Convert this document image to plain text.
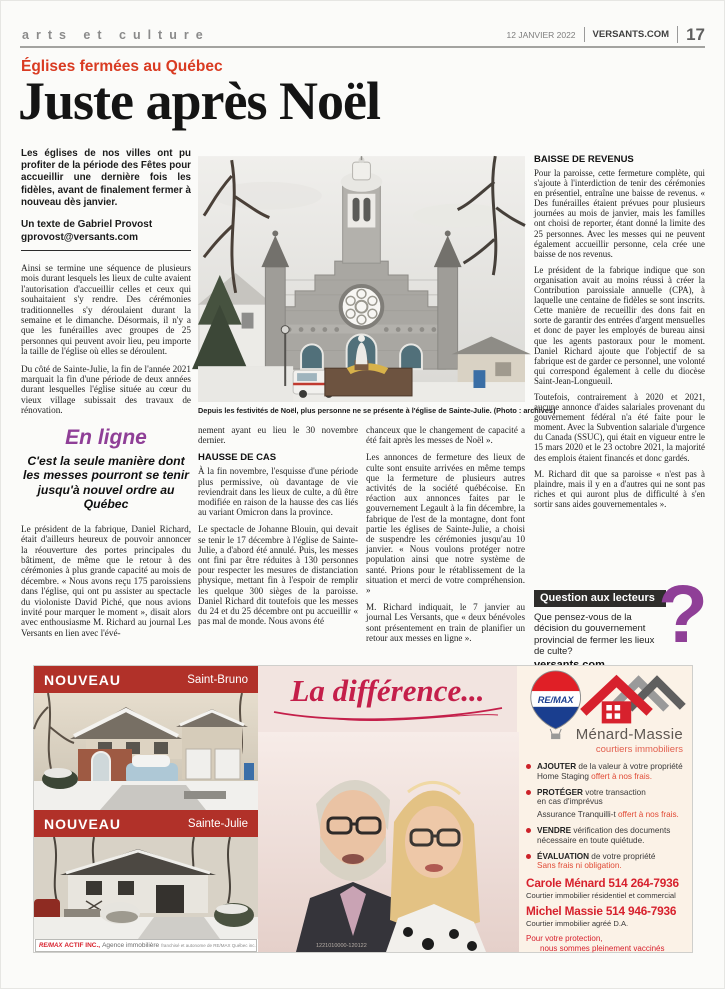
arts et culture	12 JANVIER 2022	VERSANTS.COM	17
Églises fermées au Québec
Juste après Noël

Les églises de nos villes ont pu profiter de la période des Fêtes pour accueillir une dernière fois les fidèles, avant de finalement fermer à nouveau dès janvier.

Un texte de Gabriel Provost
gprovost@versants.com

Ainsi se termine une séquence de plusieurs mois durant lesquels les lieux de culte avaient l'autorisation d'accueillir celles et ceux qui souhaitaient s'y rendre. Des cérémonies traditionnelles s'y déroulaient durant la semaine et le dimanche. Désormais, il n'y a que les funérailles avec groupes de 25 personnes qui peuvent avoir lieu, peu importe la taille de l'église où elles se déroulent.

Du côté de Sainte-Julie, la fin de l'année 2021 marquait la fin d'une période de deux années durant lesquelles l'église située au cœur du vieux village subissait des travaux de rénovation.

En ligne
C'est la seule manière dont les messes pourront se tenir jusqu'à nouvel ordre au Québec

Le président de la fabrique, Daniel Richard, était d'ailleurs heureux de pouvoir annoncer la réouverture des portes principales du bâtiment, de même que le retour à des cérémonies à plus grande capacité au mois de décembre. « Nous avons reçu 175 paroissiens dans l'église, qui ont pu assister au spectacle du violoniste David Piché, que nous avions invité pour marquer le moment », disait alors avec enthousiasme M. Richard au journal Les Versants en lien avec l'évé-

Depuis les festivités de Noël, plus personne ne se présente à l'église de Sainte-Julie. (Photo : archives)

nement ayant eu lieu le 30 novembre dernier.

HAUSSE DE CAS

À la fin novembre, l'esquisse d'une période plus permissive, où davantage de vie reviendrait dans les lieux de culte, a dû être modifiée en raison de la hausse des cas liés au variant Omicron dans la province.

Le spectacle de Johanne Blouin, qui devait se tenir le 17 décembre à l'église de Sainte-Julie, a d'abord été annulé. Puis, les messes ont fini par être réduites à 130 personnes pour respecter les mesures de distanciation physique, mettant fin à l'espoir de remplir les quelque 300 sièges de la paroisse. Daniel Richard dit toutefois que les messes du 24 et du 25 décembre ont pu accueillir « pas mal de monde. Nous avons été

chanceux que le changement de capacité a été fait après les messes de Noël ».

Les annonces de fermeture des lieux de culte sont ensuite arrivées en même temps que la fermeture de plusieurs autres activités de la société québécoise. En réaction aux annonces faites par le gouvernement Legault à la fin décembre, la fabrique de l'est de la montagne, dont font partie les églises de Sainte-Julie, a choisi de suspendre les cérémonies jusqu'au 10 janvier. « Nous voulons protéger notre population ainsi que notre système de santé. Prions pour le rétablissement de la situation et merci de votre compréhension. »

M. Richard indiquait, le 7 janvier au journal Les Versants, que « deux bénévoles sont présentement en train de planifier un retour aux messes en ligne ».

BAISSE DE REVENUS

Pour la paroisse, cette fermeture complète, qui s'ajoute à l'interdiction de tenir des cérémonies en présentiel, entraîne une baisse de revenus. « Des funérailles étaient prévues pour plusieurs journées au mois de janvier, mais les familles ont choisi de reporter, étant donné la limite des 25 personnes. Avec les messes qui ne peuvent également accueillir personne, cela crée une baisse de nos revenus.

Le président de la fabrique indique que son organisation avait au moins réussi à créer la Contribution paroissiale annuelle (CPA), à laquelle une centaine de fidèles se sont inscrits. Cette manière de recueillir des dons fait en sorte de garantir des entrées d'argent mensuelles et donc de payer les employés de bureau ainsi que les agents pastoraux pour le moment. Daniel Richard ajoute que l'objectif de sa fabrique est de garder ce personnel, une volonté qui correspond également à celle du diocèse Saint-Jean-Longueuil.

Toutefois, contrairement à 2020 et 2021, aucune annonce d'aides salariales provenant du gouvernement fédéral n'a été faite pour le moment. Avec la Subvention salariale d'urgence du Canada (SSUC), qui était en vigueur entre le 15 mars 2020 et le 23 octobre 2021, la majorité des emplois étaient financés et donc gardés.

M. Richard dit que sa paroisse « n'est pas à plaindre, mais il y en a d'autres qui ne sont pas riches et qui auront plus de difficulté à s'en sortir sans aides gouvernementales ».

Question aux lecteurs ?
Que pensez-vous de la décision du gouvernement provincial de fermer les lieux de culte?
NOUVEAU	Saint-Bruno
NOUVEAU	Sainte-Julie
RE/MAX ACTIF INC., Agence immobilière franchisé et autonome de RE/MAX Québec inc.
La différence...
1221010000-120122
RE/MAX
Ménard-Massie
courtiers immobiliers
AJOUTER de la valeur à votre propriété
Home Staging offert à nos frais.
PROTÉGER votre transaction
en cas d'imprévus
Assurance Tranquilli-t offert à nos frais.
VENDRE vérification des documents
nécessaire en toute quiétude.
ÉVALUATION de votre propriété
Sans frais ni obligation.
Carole Ménard 514 264-7936
Courtier immobilier résidentiel et commercial
Michel Massie 514 946-7936
Courtier immobilier agréé D.A.
Pour votre protection,
nous sommes pleinement vaccinés
